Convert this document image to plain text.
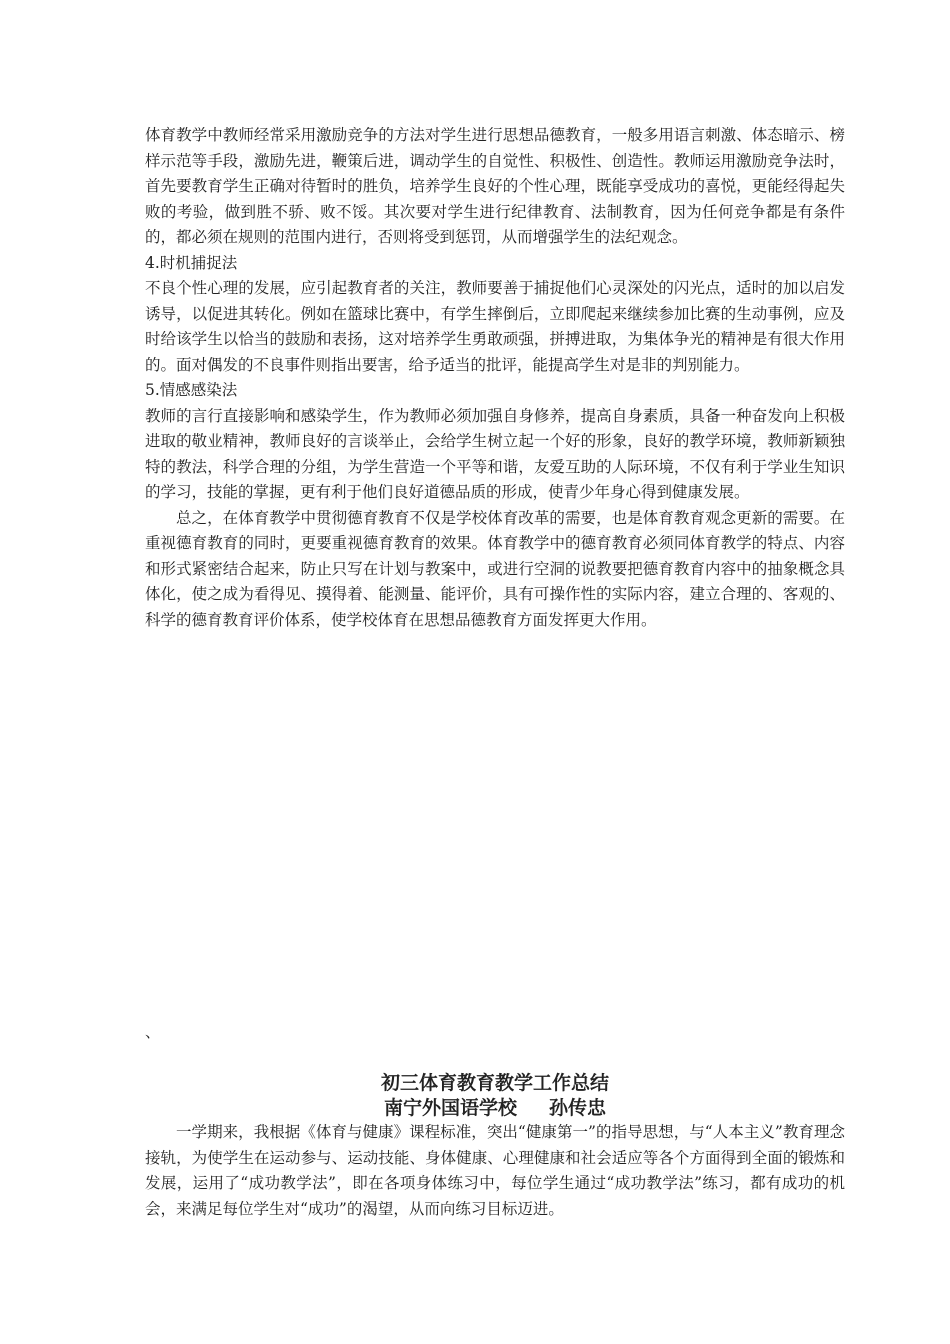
体育教学中教师经常采用激励竞争的方法对学生进行思想品德教育，一般多用语言刺激、体态暗示、榜样示范等手段，激励先进，鞭策后进，调动学生的自觉性、积极性、创造性。教师运用激励竞争法时，首先要教育学生正确对待暂时的胜负，培养学生良好的个性心理，既能享受成功的喜悦，更能经得起失败的考验，做到胜不骄、败不馁。其次要对学生进行纪律教育、法制教育，因为任何竞争都是有条件的，都必须在规则的范围内进行，否则将受到惩罚，从而增强学生的法纪观念。

4.时机捕捉法

不良个性心理的发展，应引起教育者的关注，教师要善于捕捉他们心灵深处的闪光点，适时的加以启发诱导，以促进其转化。例如在篮球比赛中，有学生摔倒后，立即爬起来继续参加比赛的生动事例，应及时给该学生以恰当的鼓励和表扬，这对培养学生勇敢顽强，拼搏进取，为集体争光的精神是有很大作用的。面对偶发的不良事件则指出要害，给予适当的批评，能提高学生对是非的判别能力。

5.情感感染法

教师的言行直接影响和感染学生，作为教师必须加强自身修养，提高自身素质，具备一种奋发向上积极进取的敬业精神，教师良好的言谈举止，会给学生树立起一个好的形象，良好的教学环境，教师新颖独特的教法，科学合理的分组，为学生营造一个平等和谐，友爱互助的人际环境，不仅有利于学业生知识的学习，技能的掌握，更有利于他们良好道德品质的形成，使青少年身心得到健康发展。

总之，在体育教学中贯彻德育教育不仅是学校体育改革的需要，也是体育教育观念更新的需要。在重视德育教育的同时，更要重视德育教育的效果。体育教学中的德育教育必须同体育教学的特点、内容和形式紧密结合起来，防止只写在计划与教案中，或进行空洞的说教要把德育教育内容中的抽象概念具体化，使之成为看得见、摸得着、能测量、能评价，具有可操作性的实际内容，建立合理的、客观的、科学的德育教育评价体系，使学校体育在思想品德教育方面发挥更大作用。

、
初三体育教育教学工作总结
南宁外国语学校 孙传忠

一学期来，我根据《体育与健康》课程标准，突出“健康第一”的指导思想，与“人本主义”教育理念接轨，为使学生在运动参与、运动技能、身体健康、心理健康和社会适应等各个方面得到全面的锻炼和发展，运用了“成功教学法”，即在各项身体练习中，每位学生通过“成功教学法”练习，都有成功的机会，来满足每位学生对“成功”的渴望，从而向练习目标迈进。
